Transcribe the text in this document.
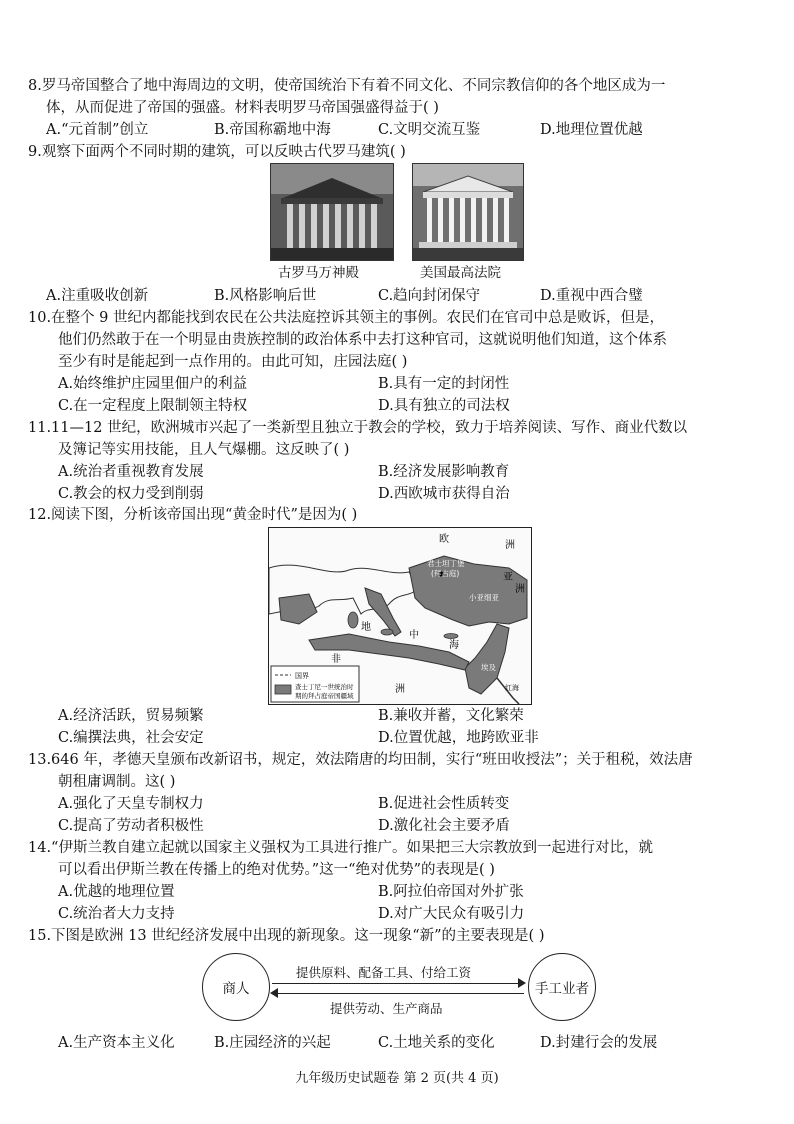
8.罗马帝国整合了地中海周边的文明，使帝国统治下有着不同文化、不同宗教信仰的各个地区成为一
体，从而促进了帝国的强盛。材料表明罗马帝国强盛得益于( )
A.“元首制”创立	B.帝国称霸地中海	C.文明交流互鉴	D.地理位置优越
9.观察下面两个不同时期的建筑，可以反映古代罗马建筑( )
古罗马万神殿	美国最高法院
A.注重吸收创新	B.风格影响后世	C.趋向封闭保守	D.重视中西合璧
10.在整个 9 世纪内都能找到农民在公共法庭控诉其领主的事例。农民们在官司中总是败诉，但是，
他们仍然敢于在一个明显由贵族控制的政治体系中去打这种官司，这就说明他们知道，这个体系
至少有时是能起到一点作用的。由此可知，庄园法庭( )
A.始终维护庄园里佃户的利益	B.具有一定的封闭性
C.在一定程度上限制领主特权	D.具有独立的司法权
11.11—12 世纪，欧洲城市兴起了一类新型且独立于教会的学校，致力于培养阅读、写作、商业代数以
及簿记等实用技能，且人气爆棚。这反映了( )
A.统治者重视教育发展	B.经济发展影响教育
C.教会的权力受到削弱	D.西欧城市获得自治
12.阅读下图，分析该帝国出现“黄金时代”是因为( )
欧
洲
君士坦丁堡
(拜占庭)
小亚细亚
亚
洲
地
中
海
非
洲
埃及
红海
国界
查士丁尼一世统治时
期的拜占庭帝国疆域
A.经济活跃，贸易频繁	B.兼收并蓄，文化繁荣
C.编撰法典，社会安定	D.位置优越，地跨欧亚非
13.646 年，孝德天皇颁布改新诏书，规定，效法隋唐的均田制，实行“班田收授法”；关于租税，效法唐
朝租庸调制。这( )
A.强化了天皇专制权力	B.促进社会性质转变
C.提高了劳动者积极性	D.激化社会主要矛盾
14.“伊斯兰教自建立起就以国家主义强权为工具进行推广。如果把三大宗教放到一起进行对比，就
可以看出伊斯兰教在传播上的绝对优势。”这一“绝对优势”的表现是( )
A.优越的地理位置	B.阿拉伯帝国对外扩张
C.统治者大力支持	D.对广大民众有吸引力
15.下图是欧洲 13 世纪经济发展中出现的新现象。这一现象“新”的主要表现是( )
商人	手工业者
提供原料、配备工具、付给工资
提供劳动、生产商品
A.生产资本主义化	B.庄园经济的兴起	C.土地关系的变化	D.封建行会的发展
九年级历史试题卷 第 2 页(共 4 页)
